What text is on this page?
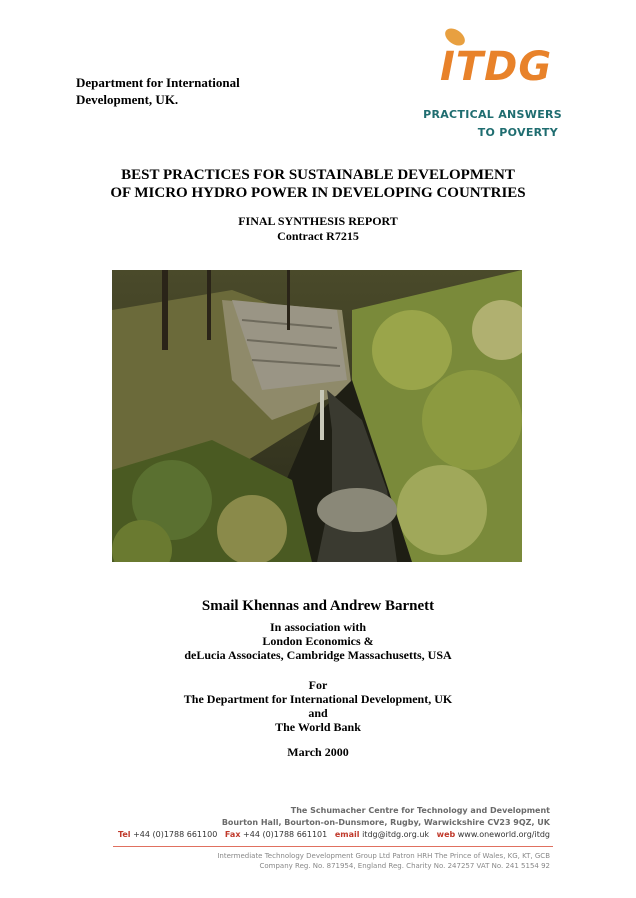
Department for International
Development, UK.
ITDG
PRACTICAL ANSWERS
TO POVERTY
BEST PRACTICES FOR SUSTAINABLE DEVELOPMENT
OF MICRO HYDRO POWER IN DEVELOPING COUNTRIES
FINAL SYNTHESIS REPORT
Contract R7215
Smail Khennas and Andrew Barnett
In association with
London Economics &
deLucia Associates, Cambridge Massachusetts, USA
For
The Department for International Development, UK
and
The World Bank
March 2000
The Schumacher Centre for Technology and Development
Bourton Hall, Bourton-on-Dunsmore, Rugby, Warwickshire CV23 9QZ, UK
Tel +44 (0)1788 661100 Fax +44 (0)1788 661101 email itdg@itdg.org.uk web www.oneworld.org/itdg
Intermediate Technology Development Group Ltd Patron HRH The Prince of Wales, KG, KT, GCB
Company Reg. No. 871954, England Reg. Charity No. 247257 VAT No. 241 5154 92
